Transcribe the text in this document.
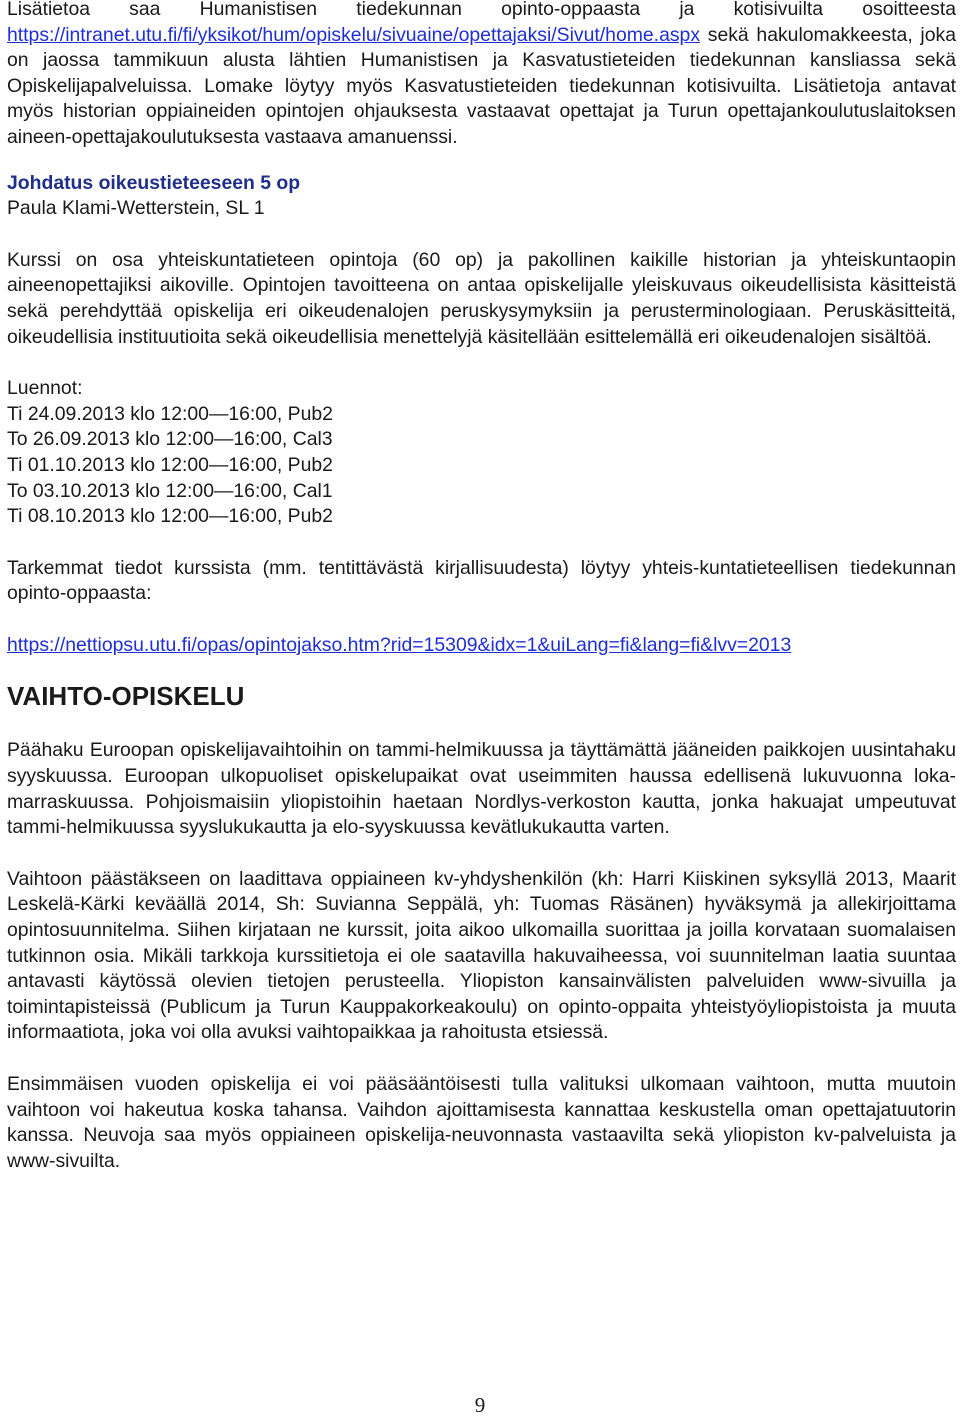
Lisätietoa saa Humanistisen tiedekunnan opinto-oppaasta ja kotisivuilta osoitteesta https://intranet.utu.fi/fi/yksikot/hum/opiskelu/sivuaine/opettajaksi/Sivut/home.aspx sekä hakulomakkeesta, joka on jaossa tammikuun alusta lähtien Humanistisen ja Kasvatustieteiden tiedekunnan kansliassa sekä Opiskelijapalveluissa. Lomake löytyy myös Kasvatustieteiden tiedekunnan kotisivuilta. Lisätietoja antavat myös historian oppiaineiden opintojen ohjauksesta vastaavat opettajat ja Turun opettajankoulutuslaitoksen aineen-opettajakoulutuksesta vastaava amanuenssi.

Johdatus oikeustieteeseen 5 op

Paula Klami-Wetterstein, SL 1

Kurssi on osa yhteiskuntatieteen opintoja (60 op) ja pakollinen kaikille historian ja yhteiskuntaopin aineenopettajiksi aikoville. Opintojen tavoitteena on antaa opiskelijalle yleiskuvaus oikeudellisista käsitteistä sekä perehdyttää opiskelija eri oikeudenalojen peruskysymyksiin ja perusterminologiaan. Peruskäsitteitä, oikeudellisia instituutioita sekä oikeudellisia menettelyjä käsitellään esittelemällä eri oikeudenalojen sisältöä.

Luennot:

Ti 24.09.2013 klo 12:00—16:00, Pub2

To 26.09.2013 klo 12:00—16:00, Cal3

Ti 01.10.2013 klo 12:00—16:00, Pub2

To 03.10.2013 klo 12:00—16:00, Cal1

Ti 08.10.2013 klo 12:00—16:00, Pub2

Tarkemmat tiedot kurssista (mm. tentittävästä kirjallisuudesta) löytyy yhteis-kuntatieteellisen tiedekunnan opinto-oppaasta:

https://nettiopsu.utu.fi/opas/opintojakso.htm?rid=15309&idx=1&uiLang=fi&lang=fi&lvv=2013

VAIHTO-OPISKELU

Päähaku Euroopan opiskelijavaihtoihin on tammi-helmikuussa ja täyttämättä jääneiden paikkojen uusintahaku syyskuussa. Euroopan ulkopuoliset opiskelupaikat ovat useimmiten haussa edellisenä lukuvuonna loka-marraskuussa. Pohjoismaisiin yliopistoihin haetaan Nordlys-verkoston kautta, jonka hakuajat umpeutuvat tammi-helmikuussa syyslukukautta ja elo-syyskuussa kevätlukukautta varten.

Vaihtoon päästäkseen on laadittava oppiaineen kv-yhdyshenkilön (kh: Harri Kiiskinen syksyllä 2013, Maarit Leskelä-Kärki keväällä 2014, Sh: Suvianna Seppälä, yh: Tuomas Räsänen) hyväksymä ja allekirjoittama opintosuunnitelma. Siihen kirjataan ne kurssit, joita aikoo ulkomailla suorittaa ja joilla korvataan suomalaisen tutkinnon osia. Mikäli tarkkoja kurssitietoja ei ole saatavilla hakuvaiheessa, voi suunnitelman laatia suuntaa antavasti käytössä olevien tietojen perusteella. Yliopiston kansainvälisten palveluiden www-sivuilla ja toimintapisteissä (Publicum ja Turun Kauppakorkeakoulu) on opinto-oppaita yhteistyöyliopistoista ja muuta informaatiota, joka voi olla avuksi vaihtopaikkaa ja rahoitusta etsiessä.

Ensimmäisen vuoden opiskelija ei voi pääsääntöisesti tulla valituksi ulkomaan vaihtoon, mutta muutoin vaihtoon voi hakeutua koska tahansa. Vaihdon ajoittamisesta kannattaa keskustella oman opettajatuutorin kanssa. Neuvoja saa myös oppiaineen opiskelija-neuvonnasta vastaavilta sekä yliopiston kv-palveluista ja www-sivuilta.

9
